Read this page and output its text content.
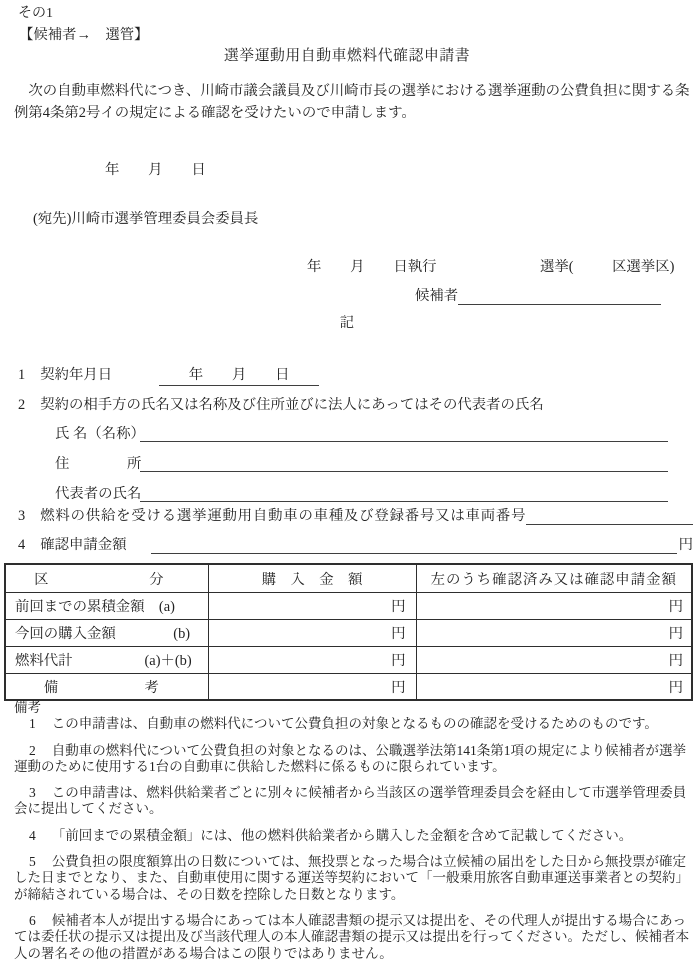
その1
【候補者→　選管】
選挙運動用自動車燃料代確認申請書

　次の自動車燃料代につき、川崎市議会議員及び川崎市長の選挙における選挙運動の公費負担に関する条例第4条第2号イの規定による確認を受けたいので申請します。

年　　月　　日
(宛先)川崎市選挙管理委員会委員長
年　　月　　日執行	選挙(	区選挙区)
候補者
記
1 契約年月日	年　　月　　日
2 契約の相手方の氏名又は名称及び住所並びに法人にあってはその代表者の氏名
氏 名（名称）
住　　　　所
代表者の氏名
3 燃料の供給を受ける選挙運動用自動車の車種及び登録番号又は車両番号
4 確認申請金額	円
区　　　　　　　分	購　入　金　額	左のうち確認済み又は確認申請金額
前回までの累積金額　(a)	円	円
今回の購入金額　　　　(b)	円	円
燃料代計　　　　　(a)＋(b)	円	円
　　備　　　　　　考	円	円
備考
1 この申請書は、自動車の燃料代について公費負担の対象となるものの確認を受けるためのものです。
2 自動車の燃料代について公費負担の対象となるのは、公職選挙法第141条第1項の規定により候補者が選挙運動のために使用する1台の自動車に供給した燃料に係るものに限られています。
3 この申請書は、燃料供給業者ごとに別々に候補者から当該区の選挙管理委員会を経由して市選挙管理委員会に提出してください。
4 「前回までの累積金額」には、他の燃料供給業者から購入した金額を含めて記載してください。
5 公費負担の限度額算出の日数については、無投票となった場合は立候補の届出をした日から無投票が確定した日までとなり、また、自動車使用に関する運送等契約において「一般乗用旅客自動車運送事業者との契約」が締結されている場合は、その日数を控除した日数となります。
6 候補者本人が提出する場合にあっては本人確認書類の提示又は提出を、その代理人が提出する場合にあっては委任状の提示又は提出及び当該代理人の本人確認書類の提示又は提出を行ってください。ただし、候補者本人の署名その他の措置がある場合はこの限りではありません。
